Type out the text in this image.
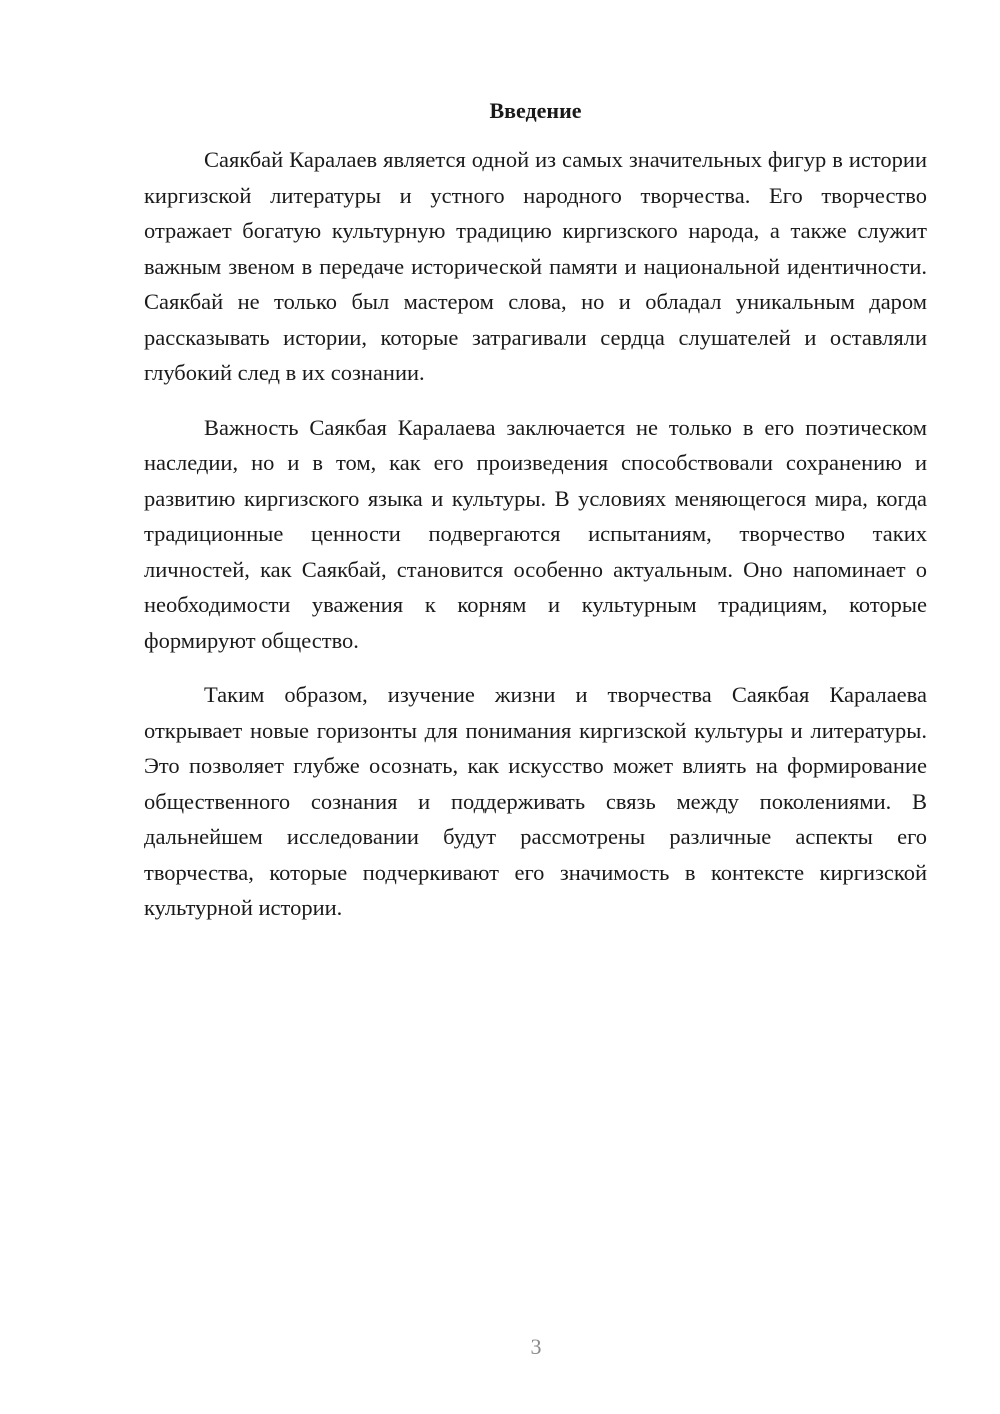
Введение

Саякбай Каралаев является одной из самых значительных фигур в истории киргизской литературы и устного народного творчества. Его творчество отражает богатую культурную традицию киргизского народа, а также служит важным звеном в передаче исторической памяти и национальной идентичности. Саякбай не только был мастером слова, но и обладал уникальным даром рассказывать истории, которые затрагивали сердца слушателей и оставляли глубокий след в их сознании.

Важность Саякбая Каралаева заключается не только в его поэтическом наследии, но и в том, как его произведения способствовали сохранению и развитию киргизского языка и культуры. В условиях меняющегося мира, когда традиционные ценности подвергаются испытаниям, творчество таких личностей, как Саякбай, становится особенно актуальным. Оно напоминает о необходимости уважения к корням и культурным традициям, которые формируют общество.

Таким образом, изучение жизни и творчества Саякбая Каралаева открывает новые горизонты для понимания киргизской культуры и литературы. Это позволяет глубже осознать, как искусство может влиять на формирование общественного сознания и поддерживать связь между поколениями. В дальнейшем исследовании будут рассмотрены различные аспекты его творчества, которые подчеркивают его значимость в контексте киргизской культурной истории.

3
